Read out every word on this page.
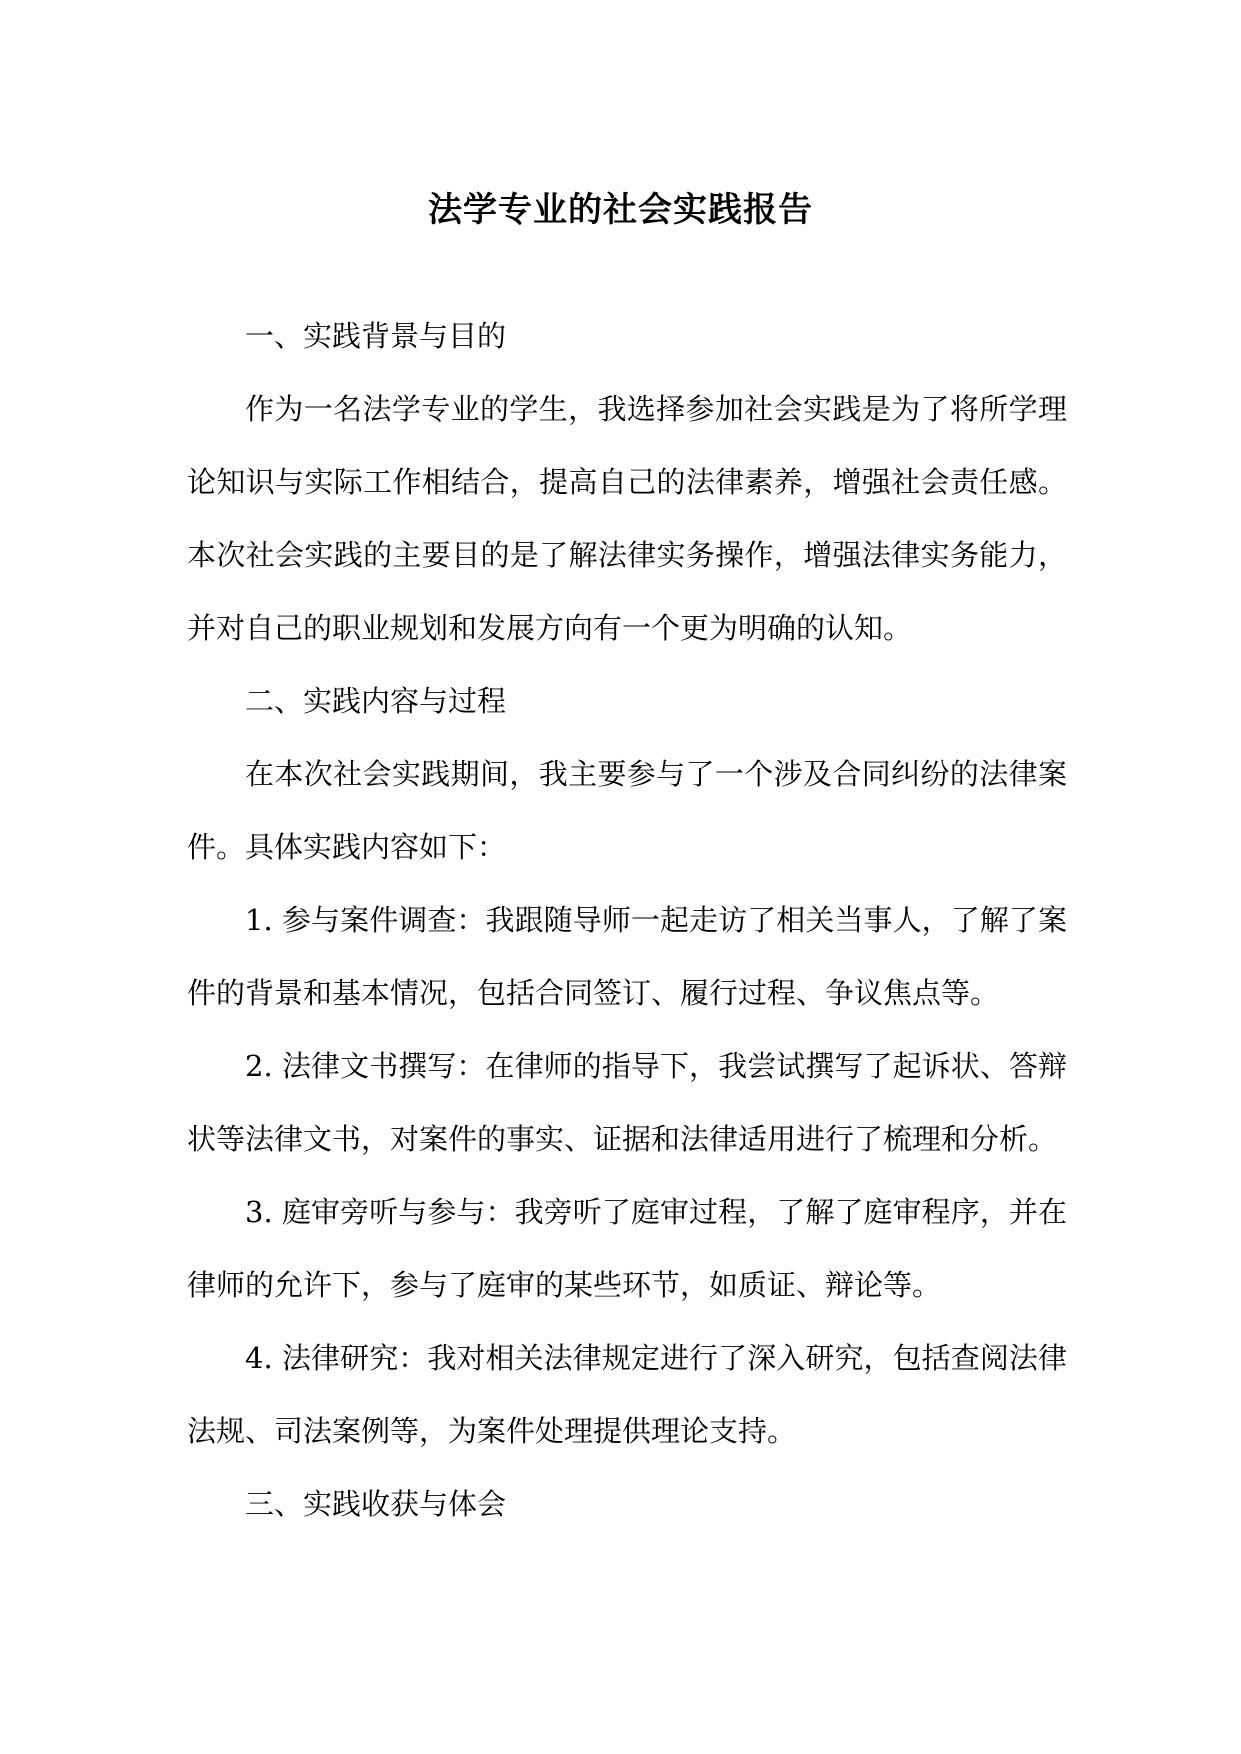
法学专业的社会实践报告

一、实践背景与目的

作为一名法学专业的学生，我选择参加社会实践是为了将所学理论知识与实际工作相结合，提高自己的法律素养，增强社会责任感。本次社会实践的主要目的是了解法律实务操作，增强法律实务能力，并对自己的职业规划和发展方向有一个更为明确的认知。

二、实践内容与过程

在本次社会实践期间，我主要参与了一个涉及合同纠纷的法律案件。具体实践内容如下：

1. 参与案件调查：我跟随导师一起走访了相关当事人，了解了案件的背景和基本情况，包括合同签订、履行过程、争议焦点等。

2. 法律文书撰写：在律师的指导下，我尝试撰写了起诉状、答辩状等法律文书，对案件的事实、证据和法律适用进行了梳理和分析。

3. 庭审旁听与参与：我旁听了庭审过程，了解了庭审程序，并在律师的允许下，参与了庭审的某些环节，如质证、辩论等。

4. 法律研究：我对相关法律规定进行了深入研究，包括查阅法律法规、司法案例等，为案件处理提供理论支持。

三、实践收获与体会
